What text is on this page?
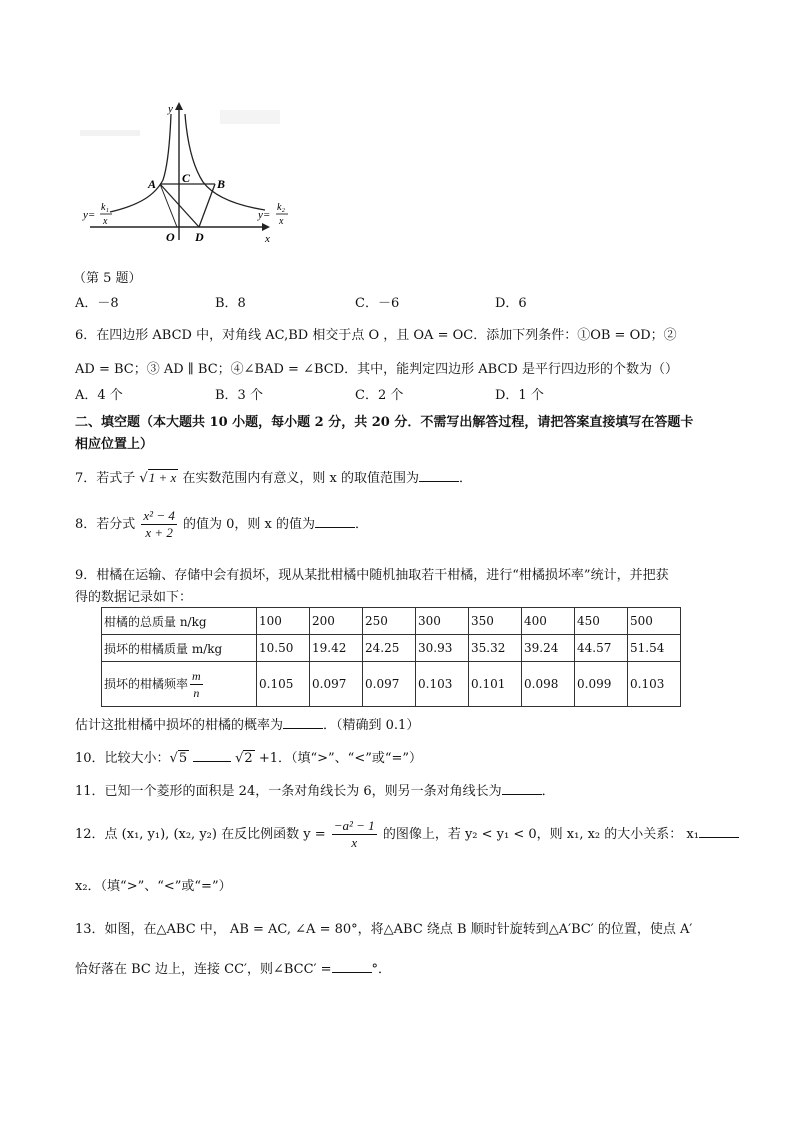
y
x
O
A	B
C
D
y=
k₁
x
y=
k₂
x
（第 5 题）
A．－8	B．8	C．－6	D．6
6．在四边形 ABCD 中，对角线 AC,BD 相交于点 O ，且 OA = OC．添加下列条件：①OB = OD；②
AD = BC；③ AD ∥ BC；④∠BAD = ∠BCD．其中，能判定四边形 ABCD 是平行四边形的个数为（）
A．4 个	B．3 个	C．2 个	D．1 个
二、填空题（本大题共 10 小题，每小题 2 分，共 20 分．不需写出解答过程，请把答案直接填写在答题卡
相应位置上）
7．若式子 √1 + x 在实数范围内有意义，则 x 的取值范围为	．
8．若分式 $\frac{\text{x² − 4}}{x + 2}$ 的值为 0，则 x 的值为	．
9．柑橘在运输、存储中会有损坏，现从某批柑橘中随机抽取若干柑橘，进行“柑橘损坏率”统计，并把获
得的数据记录如下：
柑橘的总质量 n/kg	100	200	250	300	350	400	450	500
损坏的柑橘质量 m/kg	10.50	19.42	24.25	30.93	35.32	39.24	44.57	51.54
损坏的柑橘频率 $\frac{m}{n}$	0.105	0.097	0.097	0.103	0.101	0.098	0.099	0.103
估计这批柑橘中损坏的柑橘的概率为	．（精确到 0.1）
10．比较大小：√5	√2 +1．（填“>”、“<”或“=”）
11．已知一个菱形的面积是 24，一条对角线长为 6，则另一条对角线长为	．
12．点 (x₁, y₁), (x₂, y₂) 在反比例函数 $y = \frac{\text{−a² − 1}}{x}$ 的图像上，若 y₂ < y₁ < 0，则 x₁, x₂ 的大小关系： x₁
x₂．（填“>”、“<”或“=”）
13．如图，在△ABC 中， AB = AC, ∠A = 80°，将△ABC 绕点 B 顺时针旋转到△A′BC′ 的位置，使点 A′
恰好落在 BC 边上，连接 CC′，则∠BCC′ =	°．
